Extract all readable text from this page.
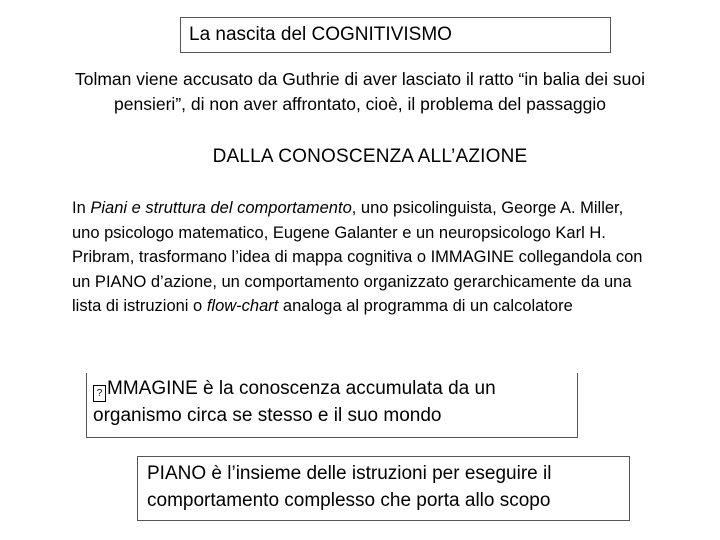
La nascita del COGNITIVISMO
Tolman viene accusato da Guthrie di aver lasciato il ratto “in balia dei suoi pensieri”, di non aver affrontato, cioè, il problema del passaggio
DALLA CONOSCENZA ALL’AZIONE
In Piani e struttura del comportamento, uno psicolinguista, George A. Miller, uno psicologo matematico, Eugene Galanter e un neuropsicologo Karl H. Pribram, trasformano l’idea di mappa cognitiva o IMMAGINE collegandola con un PIANO d’azione, un comportamento organizzato gerarchicamente da una lista di istruzioni o flow-chart analoga al programma di un calcolatore
? MMAGINE è la conoscenza accumulata da un organismo circa se stesso e il suo mondo
PIANO è l’insieme delle istruzioni per eseguire il comportamento complesso che porta allo scopo
